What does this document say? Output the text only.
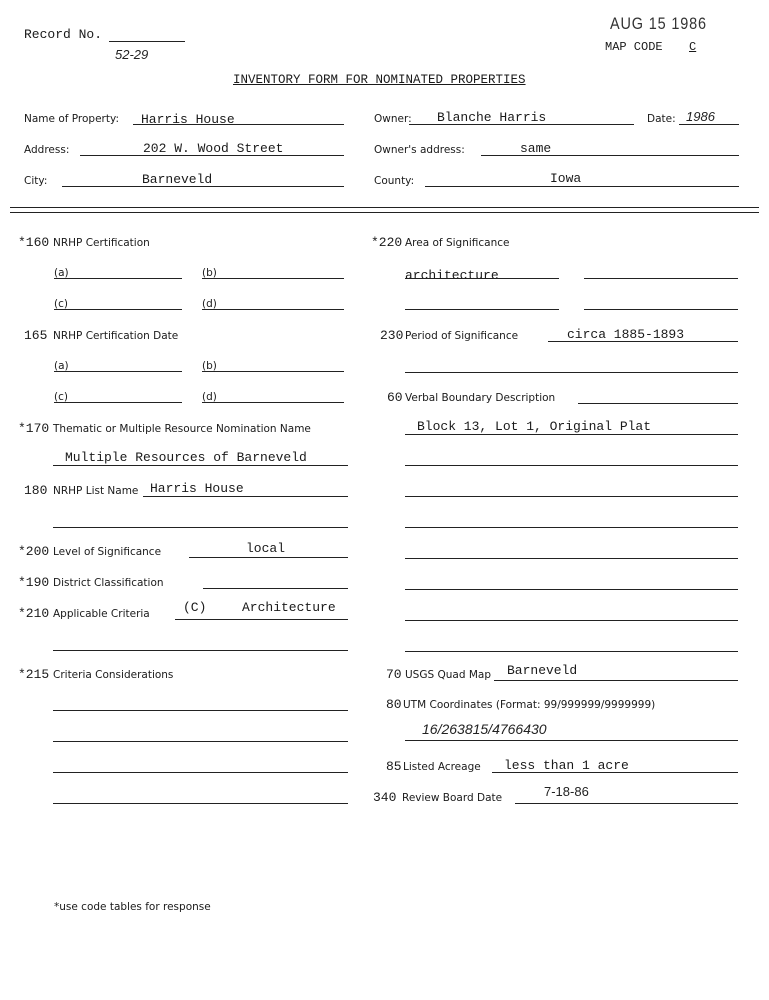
Record No.
52-29
AUG 15 1986
MAP CODE C
INVENTORY FORM FOR NOMINATED PROPERTIES
Name of Property: Harris House	Owner: Blanche Harris	Date: 1986
Address:	202 W. Wood Street	Owner's address:	same
City:	Barneveld	County:	Iowa
*160 NRHP Certification
(a)	(b)
(c)	(d)
165 NRHP Certification Date
(a)	(b)
(c)	(d)
*170 Thematic or Multiple Resource Nomination Name
Multiple Resources of Barneveld
180 NRHP List Name Harris House
*200 Level of Significance	local
*190 District Classification
*210 Applicable Criteria	(C)	Architecture
*215 Criteria Considerations
*220 Area of Significance
architecture
230 Period of Significance	circa 1885-1893
60 Verbal Boundary Description
Block 13, Lot 1, Original Plat
70 USGS Quad Map Barneveld
80 UTM Coordinates (Format: 99/999999/9999999)
16/263815/4766430
85 Listed Acreage less than 1 acre
340 Review Board Date	7-18-86
*use code tables for response
